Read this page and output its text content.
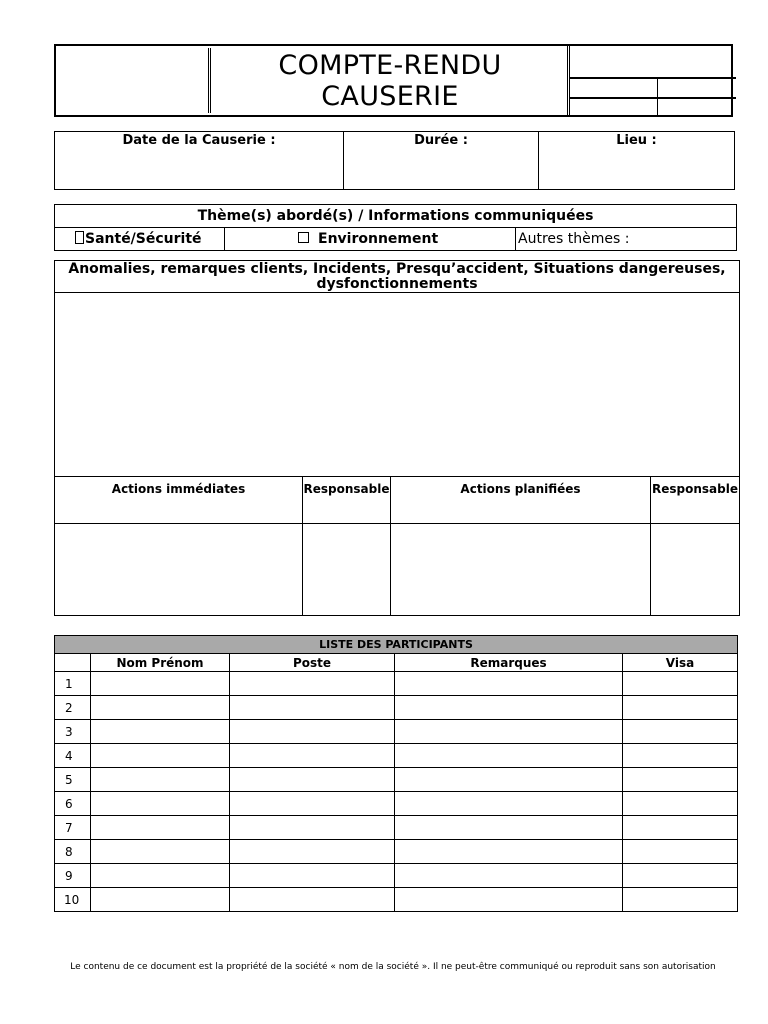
COMPTE-RENDU
CAUSERIE
Date de la Causerie :	Durée :	Lieu :
Thème(s) abordé(s) / Informations communiquées
Santé/Sécurité	Environnement	Autres thèmes :
Anomalies, remarques clients, Incidents, Presqu’accident, Situations dangereuses, dysfonctionnements			

Actions immédiates	Responsable	Actions planifiées	Responsable

LISTE DES PARTICIPANTS				
	Nom Prénom	Poste	Remarques	Visa
1				
2				
3				
4				
5				
6				
7				
8				
9				
10				
Le contenu de ce document est la propriété de la société « nom de la société ». Il ne peut-être communiqué ou reproduit sans son autorisation
